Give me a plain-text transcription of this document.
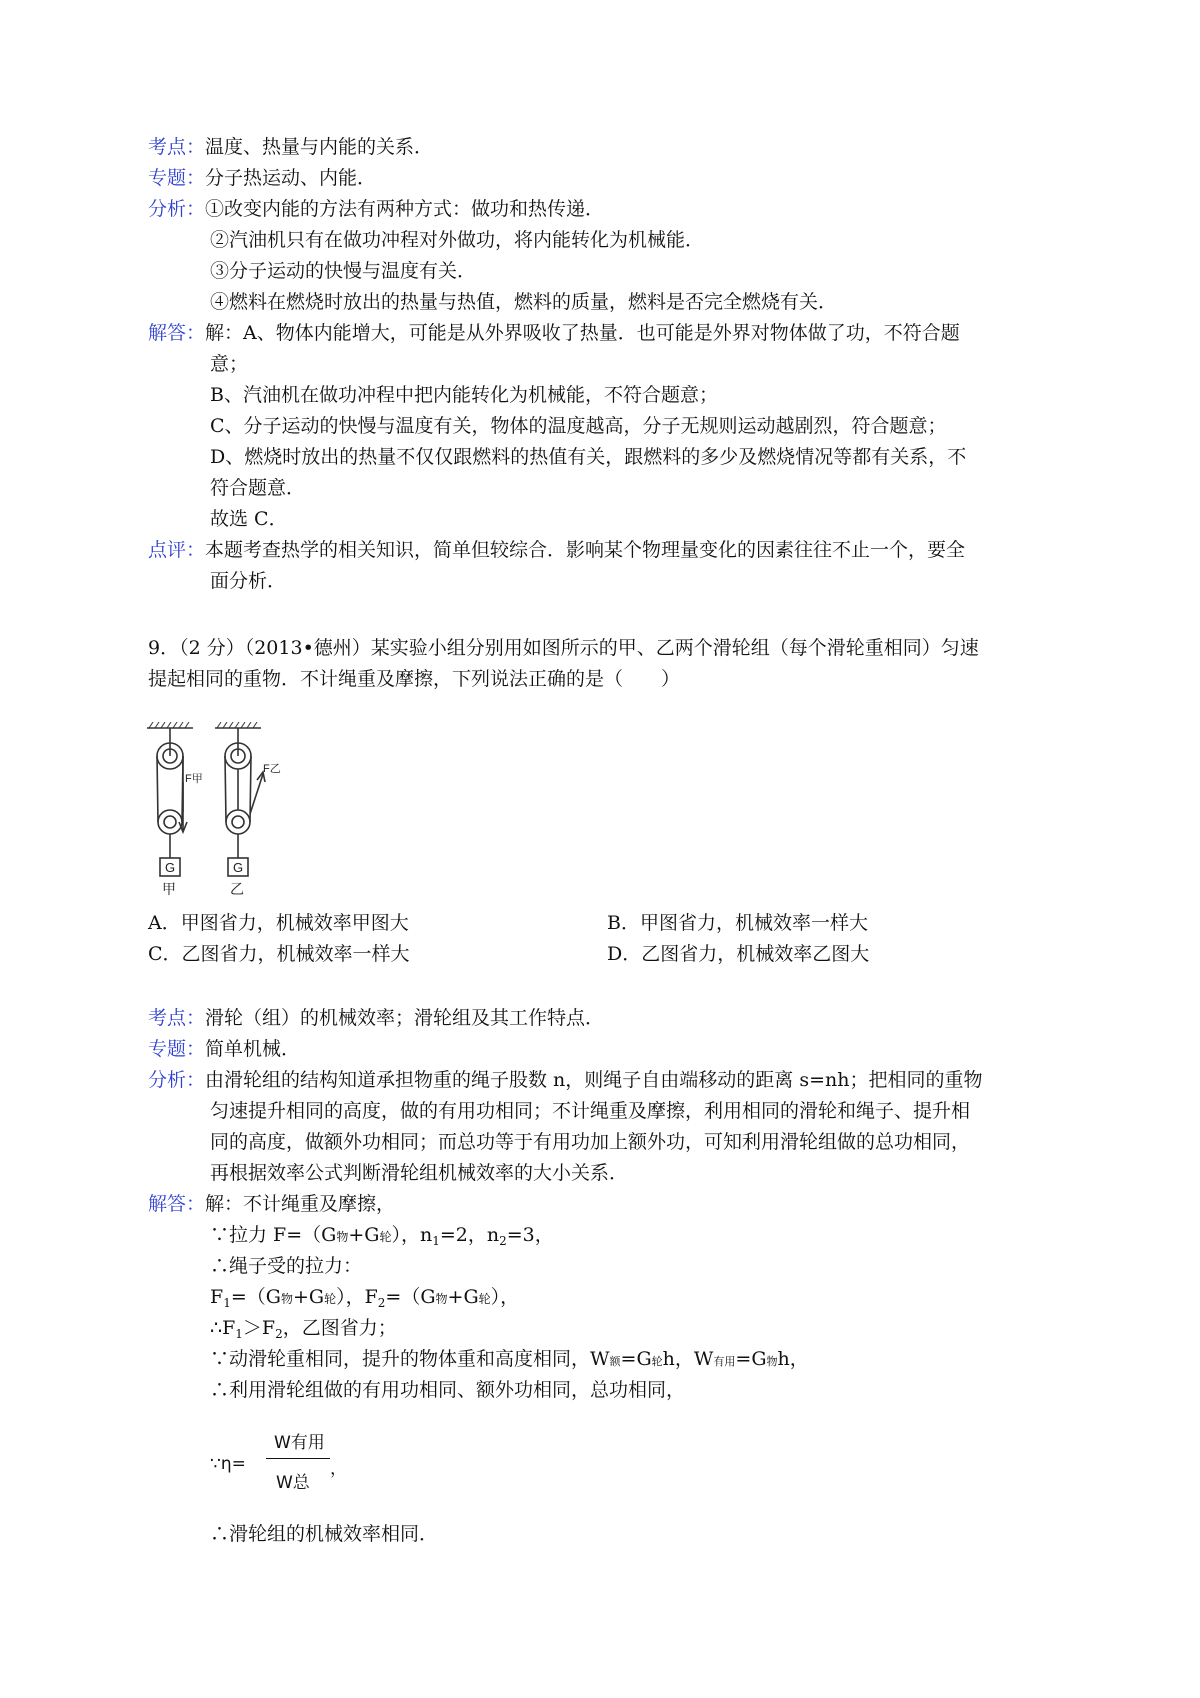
考点：温度、热量与内能的关系．
专题：分子热运动、内能．
分析：①改变内能的方法有两种方式：做功和热传递．
②汽油机只有在做功冲程对外做功，将内能转化为机械能．
③分子运动的快慢与温度有关．
④燃料在燃烧时放出的热量与热值，燃料的质量，燃料是否完全燃烧有关．
解答：解：A、物体内能增大，可能是从外界吸收了热量．也可能是外界对物体做了功，不符合题
意；
B、汽油机在做功冲程中把内能转化为机械能，不符合题意；
C、分子运动的快慢与温度有关，物体的温度越高，分子无规则运动越剧烈，符合题意；
D、燃烧时放出的热量不仅仅跟燃料的热值有关，跟燃料的多少及燃烧情况等都有关系，不
符合题意．
故选 C．
点评：本题考查热学的相关知识，简单但较综合．影响某个物理量变化的因素往往不止一个，要全
面分析．
9．（2 分）（2013•德州）某实验小组分别用如图所示的甲、乙两个滑轮组（每个滑轮重相同）匀速
提起相同的重物．不计绳重及摩擦，下列说法正确的是（　　）
F甲
F乙
G	G
甲	乙
A．甲图省力，机械效率甲图大	B．甲图省力，机械效率一样大
C．乙图省力，机械效率一样大	D．乙图省力，机械效率乙图大
考点：滑轮（组）的机械效率；滑轮组及其工作特点．
专题：简单机械．
分析：由滑轮组的结构知道承担物重的绳子股数 n，则绳子自由端移动的距离 s=nh；把相同的重物
匀速提升相同的高度，做的有用功相同；不计绳重及摩擦，利用相同的滑轮和绳子、提升相
同的高度，做额外功相同；而总功等于有用功加上额外功，可知利用滑轮组做的总功相同，
再根据效率公式判断滑轮组机械效率的大小关系．
解答：解：不计绳重及摩擦，
∵拉力 F=（G物+G轮），$n_1=2$，$n_2=3$，
∴绳子受的拉力：
$F_1=(G$物+G轮），$F_2=(G$物+G轮），
$\therefore F_1>F_2$，乙图省力；
∵动滑轮重相同，提升的物体重和高度相同，W额=G轮h，W有用=G物h，
∴利用滑轮组做的有用功相同、额外功相同，总功相同，
∵η=
W有用
W总
，
∴滑轮组的机械效率相同．
